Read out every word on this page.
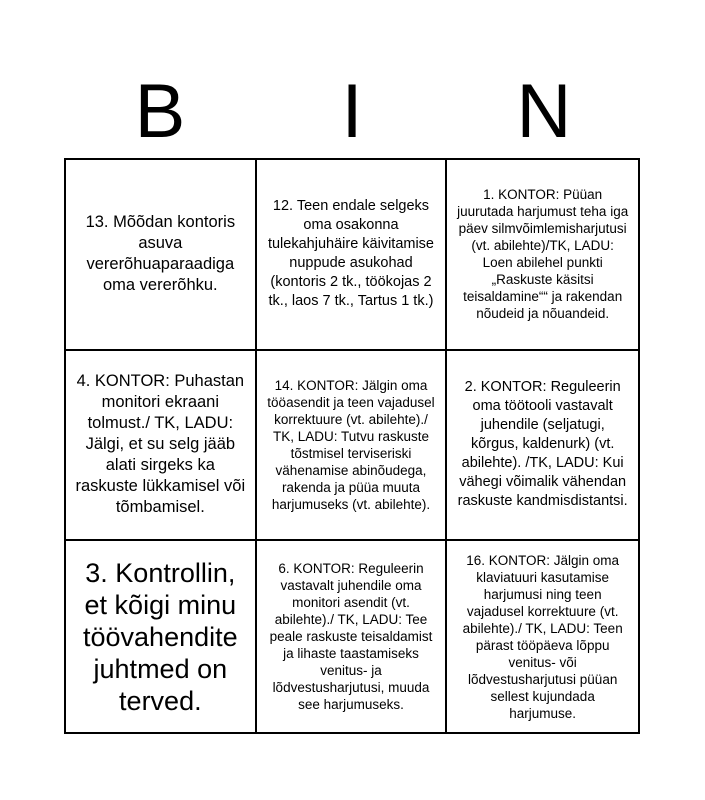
B	I	N
13. Mõõdan kontoris asuva vererõhuaparaadiga oma vererõhku.
12. Teen endale selgeks oma osakonna tulekahjuhäire käivitamise nuppude asukohad (kontoris 2 tk., töökojas 2 tk., laos 7 tk., Tartus 1 tk.)
1. KONTOR: Püüan juurutada harjumust teha iga päev silmvõimlemisharjutusi (vt. abilehte)/TK, LADU: Loen abilehel punkti „Raskuste käsitsi teisaldamine““ ja rakendan nõudeid ja nõuandeid.
4. KONTOR: Puhastan monitori ekraani tolmust./ TK, LADU: Jälgi, et su selg jääb alati sirgeks ka raskuste lükkamisel või tõmbamisel.
14. KONTOR: Jälgin oma tööasendit ja teen vajadusel korrektuure (vt. abilehte)./ TK, LADU: Tutvu raskuste tõstmisel terviseriski vähenamise abinõudega, rakenda ja püüa muuta harjumuseks (vt. abilehte).
2. KONTOR: Reguleerin oma töötooli vastavalt juhendile (seljatugi, kõrgus, kaldenurk) (vt. abilehte). /TK, LADU: Kui vähegi võimalik vähendan raskuste kandmisdistantsi.
3. Kontrollin, et kõigi minu töövahendite juhtmed on terved.
6. KONTOR: Reguleerin vastavalt juhendile oma monitori asendit (vt. abilehte)./ TK, LADU: Tee peale raskuste teisaldamist ja lihaste taastamiseks venitus- ja lõdvestusharjutusi, muuda see harjumuseks.
16. KONTOR: Jälgin oma klaviatuuri kasutamise harjumusi ning teen vajadusel korrektuure (vt. abilehte)./ TK, LADU: Teen pärast tööpäeva lõppu venitus- või lõdvestusharjutusi püüan sellest kujundada harjumuse.
